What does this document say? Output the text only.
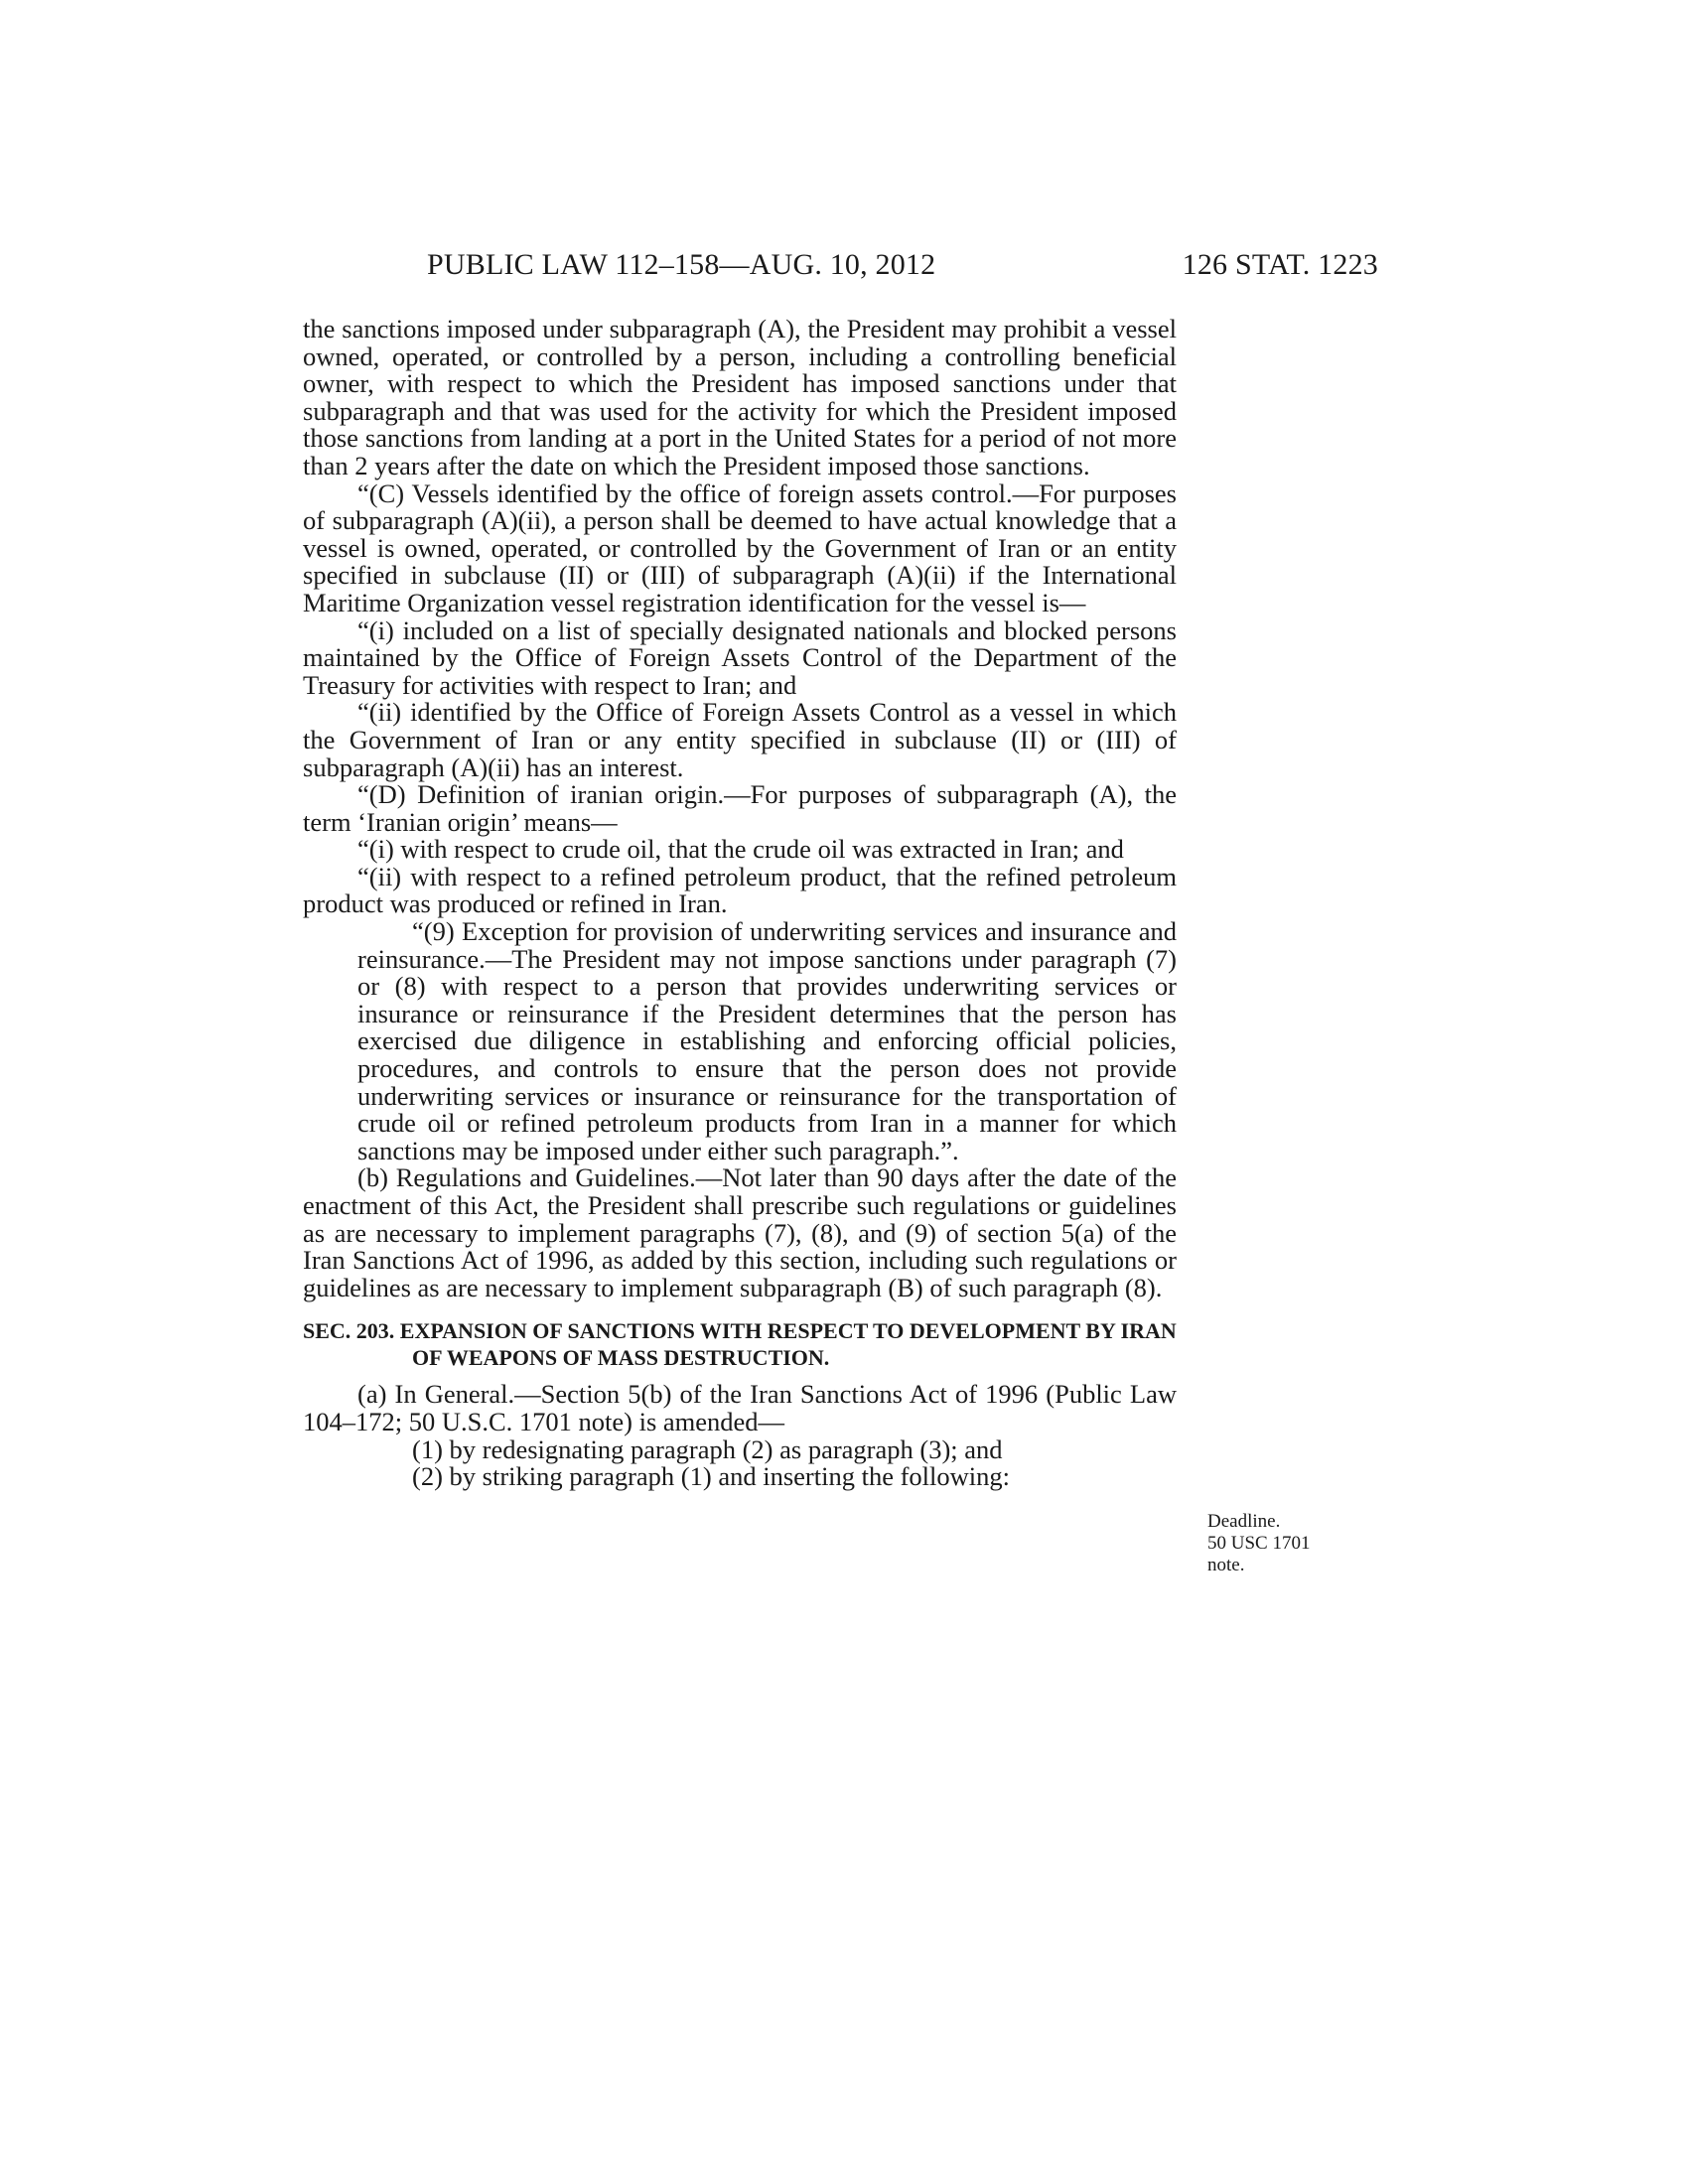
PUBLIC LAW 112–158—AUG. 10, 2012	126 STAT. 1223

the sanctions imposed under subparagraph (A), the President may prohibit a vessel owned, operated, or controlled by a person, including a controlling beneficial owner, with respect to which the President has imposed sanctions under that subparagraph and that was used for the activity for which the President imposed those sanctions from landing at a port in the United States for a period of not more than 2 years after the date on which the President imposed those sanctions.

“(C) Vessels identified by the office of foreign assets control.—For purposes of subparagraph (A)(ii), a person shall be deemed to have actual knowledge that a vessel is owned, operated, or controlled by the Government of Iran or an entity specified in subclause (II) or (III) of subparagraph (A)(ii) if the International Maritime Organization vessel registration identification for the vessel is—

“(i) included on a list of specially designated nationals and blocked persons maintained by the Office of Foreign Assets Control of the Department of the Treasury for activities with respect to Iran; and

“(ii) identified by the Office of Foreign Assets Control as a vessel in which the Government of Iran or any entity specified in subclause (II) or (III) of subparagraph (A)(ii) has an interest.

“(D) Definition of iranian origin.—For purposes of subparagraph (A), the term ‘Iranian origin’ means—

“(i) with respect to crude oil, that the crude oil was extracted in Iran; and

“(ii) with respect to a refined petroleum product, that the refined petroleum product was produced or refined in Iran.

“(9) Exception for provision of underwriting services and insurance and reinsurance.—The President may not impose sanctions under paragraph (7) or (8) with respect to a person that provides underwriting services or insurance or reinsurance if the President determines that the person has exercised due diligence in establishing and enforcing official policies, procedures, and controls to ensure that the person does not provide underwriting services or insurance or reinsurance for the transportation of crude oil or refined petroleum products from Iran in a manner for which sanctions may be imposed under either such paragraph.”.

(b) Regulations and Guidelines.—Not later than 90 days after the date of the enactment of this Act, the President shall prescribe such regulations or guidelines as are necessary to implement paragraphs (7), (8), and (9) of section 5(a) of the Iran Sanctions Act of 1996, as added by this section, including such regulations or guidelines as are necessary to implement subparagraph (B) of such paragraph (8).

SEC. 203. EXPANSION OF SANCTIONS WITH RESPECT TO DEVELOPMENT BY IRAN OF WEAPONS OF MASS DESTRUCTION.

(a) In General.—Section 5(b) of the Iran Sanctions Act of 1996 (Public Law 104–172; 50 U.S.C. 1701 note) is amended—

(1) by redesignating paragraph (2) as paragraph (3); and

(2) by striking paragraph (1) and inserting the following:

Deadline.
50 USC 1701
note.
